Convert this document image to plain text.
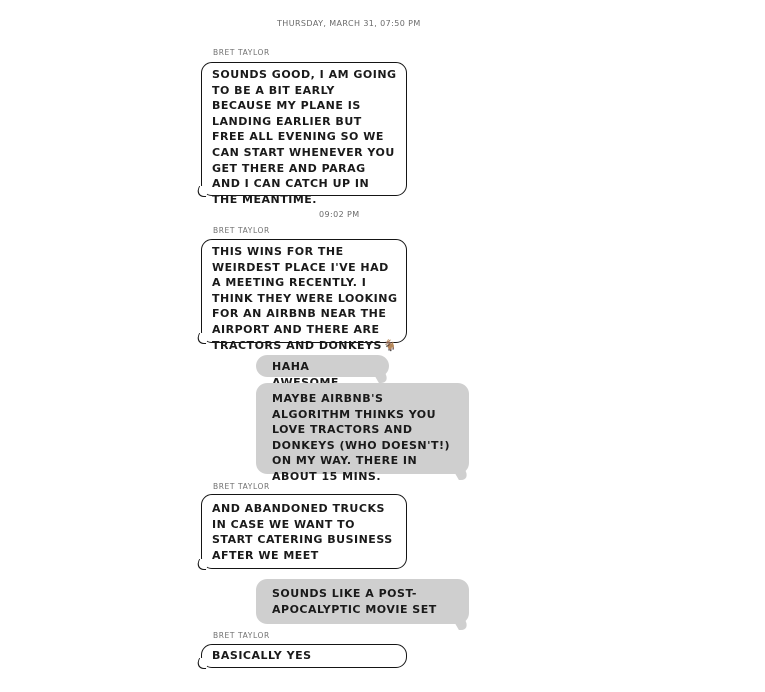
THURSDAY, MARCH 31, 07:50 PM
BRET TAYLOR
SOUNDS GOOD, I AM GOING TO BE A BIT EARLY BECAUSE MY PLANE IS LANDING EARLIER BUT FREE ALL EVENING SO WE CAN START WHENEVER YOU GET THERE AND PARAG AND I CAN CATCH UP IN THE MEANTIME.
09:02 PM
BRET TAYLOR
THIS WINS FOR THE WEIRDEST PLACE I'VE HAD A MEETING RECENTLY. I THINK THEY WERE LOOKING FOR AN AIRBNB NEAR THE AIRPORT AND THERE ARE TRACTORS AND DONKEYS🐐
HAHA
MAYBE AIRBNB'S ALGORITHM THINKS YOU LOVE TRACTORS AND DONKEYS (WHO DOESN'T!) ON MY WAY. THERE IN ABOUT 15 MINS.
BRET TAYLOR
AND ABANDONED TRUCKS IN CASE WE WANT TO START CATERING BUSINESS AFTER WE MEET
SOUNDS LIKE A POST-APOCALYPTIC MOVIE SET
BRET TAYLOR
BASICALLY YES
